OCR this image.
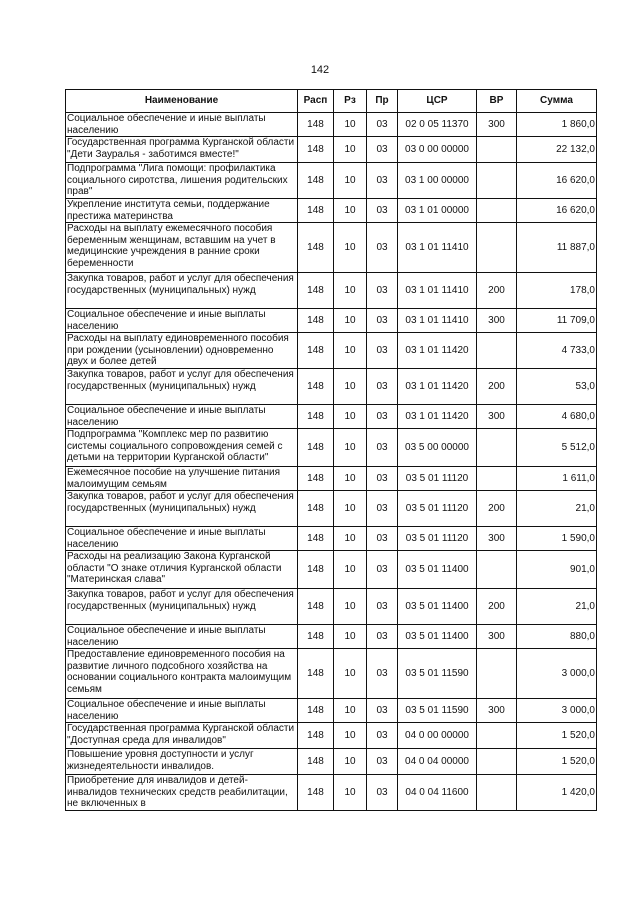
142
Наименование	Расп	Рз	Пр	ЦСР	ВР	Сумма
Социальное обеспечение и иные выплаты населению	148	10	03	02 0 05 11370	300	1 860,0
Государственная программа Курганской области "Дети Зауралья - заботимся вместе!"	148	10	03	03 0 00 00000		22 132,0
Подпрограмма "Лига помощи: профилактика социального сиротства, лишения родительских прав"	148	10	03	03 1 00 00000		16 620,0
Укрепление института семьи, поддержание престижа материнства	148	10	03	03 1 01 00000		16 620,0
Расходы на выплату ежемесячного пособия беременным женщинам, вставшим на учет в медицинские учреждения в ранние сроки беременности	148	10	03	03 1 01 11410		11 887,0
Закупка товаров, работ и услуг для обеспечения государственных (муниципальных) нужд	148	10	03	03 1 01 11410	200	178,0
Социальное обеспечение и иные выплаты населению	148	10	03	03 1 01 11410	300	11 709,0
Расходы на выплату единовременного пособия при рождении (усыновлении) одновременно двух и более детей	148	10	03	03 1 01 11420		4 733,0
Закупка товаров, работ и услуг для обеспечения государственных (муниципальных) нужд	148	10	03	03 1 01 11420	200	53,0
Социальное обеспечение и иные выплаты населению	148	10	03	03 1 01 11420	300	4 680,0
Подпрограмма "Комплекс мер по развитию системы социального сопровождения семей с детьми на территории Курганской области"	148	10	03	03 5 00 00000		5 512,0
Ежемесячное пособие на улучшение питания малоимущим семьям	148	10	03	03 5 01 11120		1 611,0
Закупка товаров, работ и услуг для обеспечения государственных (муниципальных) нужд	148	10	03	03 5 01 11120	200	21,0
Социальное обеспечение и иные выплаты населению	148	10	03	03 5 01 11120	300	1 590,0
Расходы на реализацию Закона Курганской области "О знаке отличия Курганской области "Материнская слава"	148	10	03	03 5 01 11400		901,0
Закупка товаров, работ и услуг для обеспечения государственных (муниципальных) нужд	148	10	03	03 5 01 11400	200	21,0
Социальное обеспечение и иные выплаты населению	148	10	03	03 5 01 11400	300	880,0
Предоставление единовременного пособия на развитие личного подсобного хозяйства на основании социального контракта малоимущим семьям	148	10	03	03 5 01 11590		3 000,0
Социальное обеспечение и иные выплаты населению	148	10	03	03 5 01 11590	300	3 000,0
Государственная программа Курганской области "Доступная среда для инвалидов"	148	10	03	04 0 00 00000		1 520,0
Повышение уровня доступности и услуг жизнедеятельности инвалидов.	148	10	03	04 0 04 00000		1 520,0
Приобретение для инвалидов и детей-инвалидов технических средств реабилитации, не включенных в	148	10	03	04 0 04 11600		1 420,0
